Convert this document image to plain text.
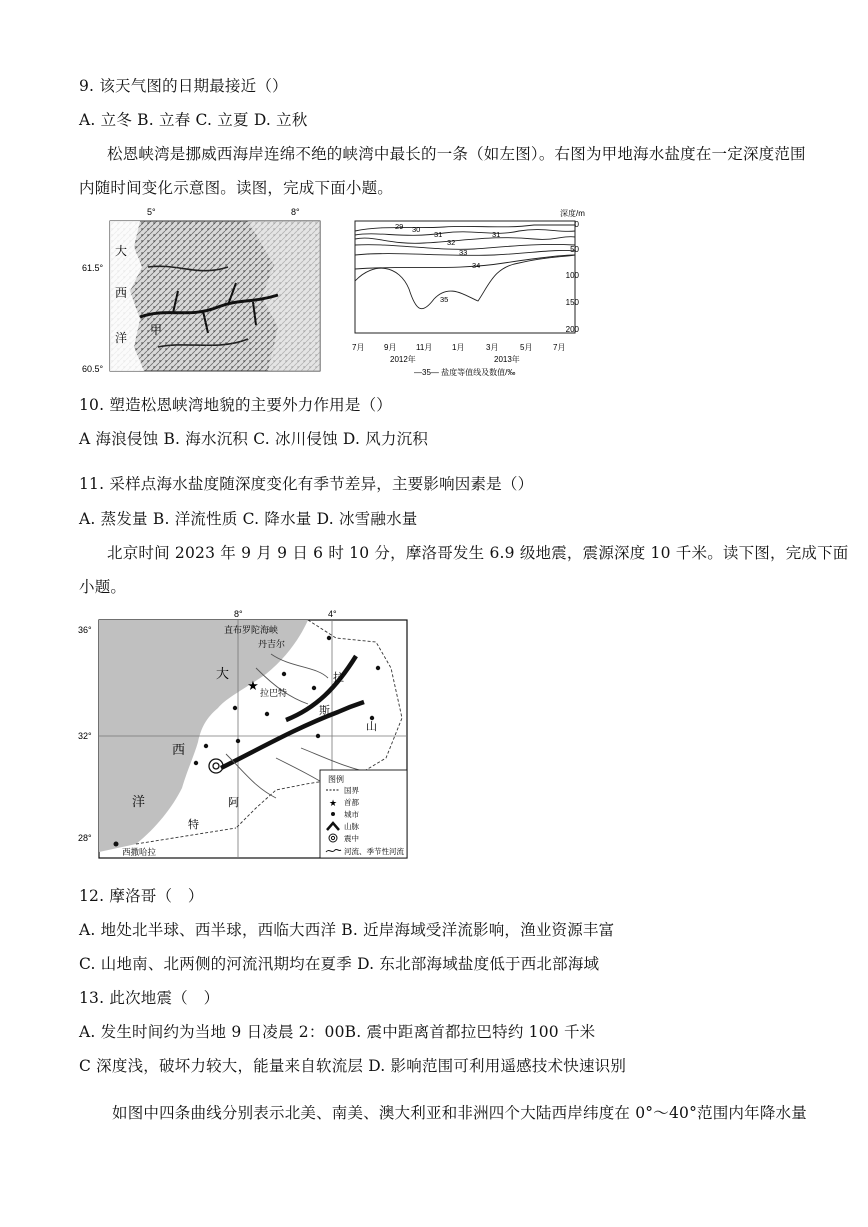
9. 该天气图的日期最接近（）
A. 立冬 B. 立春 C. 立夏 D. 立秋
松恩峡湾是挪威西海岸连绵不绝的峡湾中最长的一条（如左图）。右图为甲地海水盐度在一定深度范围
内随时间变化示意图。读图，完成下面小题。
5°	8°
61.5°
60.5°
大
西
洋
甲
29 30
31	31
32
33
34
35
深度/m
0
50
100
150
200
7月 9月 11月 1月	3月	5月	7月
2012年	2013年
—35— 盐度等值线及数值/‰
10. 塑造松恩峡湾地貌的主要外力作用是（）
A 海浪侵蚀 B. 海水沉积 C. 冰川侵蚀 D. 风力沉积
11. 采样点海水盐度随深度变化有季节差异，主要影响因素是（）
A. 蒸发量 B. 洋流性质 C. 降水量 D. 冰雪融水量
北京时间 2023 年 9 月 9 日 6 时 10 分，摩洛哥发生 6.9 级地震，震源深度 10 千米。读下图，完成下面
小题。
★
8°	4°
36°
32°
28°
直布罗陀海峡
丹吉尔
拉巴特
大
西
洋	阿
特
拉
斯
山
西撒哈拉
图例
国界
★ 首都
城市
山脉
震中
河流、季节性河流
12. 摩洛哥（　）
A. 地处北半球、西半球，西临大西洋 B. 近岸海域受洋流影响，渔业资源丰富
C. 山地南、北两侧的河流汛期均在夏季 D. 东北部海域盐度低于西北部海域
13. 此次地震（　）
A. 发生时间约为当地 9 日凌晨 2：00B. 震中距离首都拉巴特约 100 千米
C 深度浅，破坏力较大，能量来自软流层 D. 影响范围可利用遥感技术快速识别
如图中四条曲线分别表示北美、南美、澳大利亚和非洲四个大陆西岸纬度在 0°～40°范围内年降水量
